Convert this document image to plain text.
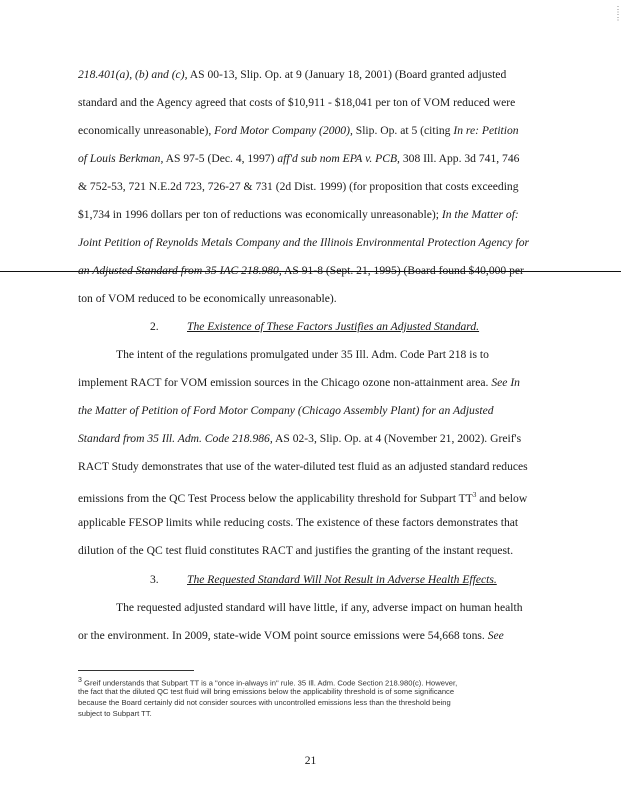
218.401(a), (b) and (c), AS 00-13, Slip. Op. at 9 (January 18, 2001) (Board granted adjusted
standard and the Agency agreed that costs of $10,911 - $18,041 per ton of VOM reduced were
economically unreasonable), Ford Motor Company (2000), Slip. Op. at 5 (citing In re: Petition
of Louis Berkman, AS 97-5 (Dec. 4, 1997) aff'd sub nom EPA v. PCB, 308 Ill. App. 3d 741, 746
& 752-53, 721 N.E.2d 723, 726-27 & 731 (2d Dist. 1999) (for proposition that costs exceeding
$1,734 in 1996 dollars per ton of reductions was economically unreasonable); In the Matter of:
Joint Petition of Reynolds Metals Company and the Illinois Environmental Protection Agency for
an Adjusted Standard from 35 IAC 218.980, AS 91-8 (Sept. 21, 1995) (Board found $40,000 per
ton of VOM reduced to be economically unreasonable).
2. The Existence of These Factors Justifies an Adjusted Standard.
The intent of the regulations promulgated under 35 Ill. Adm. Code Part 218 is to
implement RACT for VOM emission sources in the Chicago ozone non-attainment area. See In
the Matter of Petition of Ford Motor Company (Chicago Assembly Plant) for an Adjusted
Standard from 35 Ill. Adm. Code 218.986, AS 02-3, Slip. Op. at 4 (November 21, 2002). Greif's
RACT Study demonstrates that use of the water-diluted test fluid as an adjusted standard reduces
emissions from the QC Test Process below the applicability threshold for Subpart $TT^3$ and below
applicable FESOP limits while reducing costs. The existence of these factors demonstrates that
dilution of the QC test fluid constitutes RACT and justifies the granting of the instant request.
3. The Requested Standard Will Not Result in Adverse Health Effects.
The requested adjusted standard will have little, if any, adverse impact on human health
or the environment. In 2009, state-wide VOM point source emissions were 54,668 tons. See
$^3$ Greif understands that Subpart TT is a "once in-always in" rule. 35 Ill. Adm. Code Section 218.980(c). However,
the fact that the diluted QC test fluid will bring emissions below the applicability threshold is of some significance
because the Board certainly did not consider sources with uncontrolled emissions less than the threshold being
subject to Subpart TT.
21
⋮
⋮
